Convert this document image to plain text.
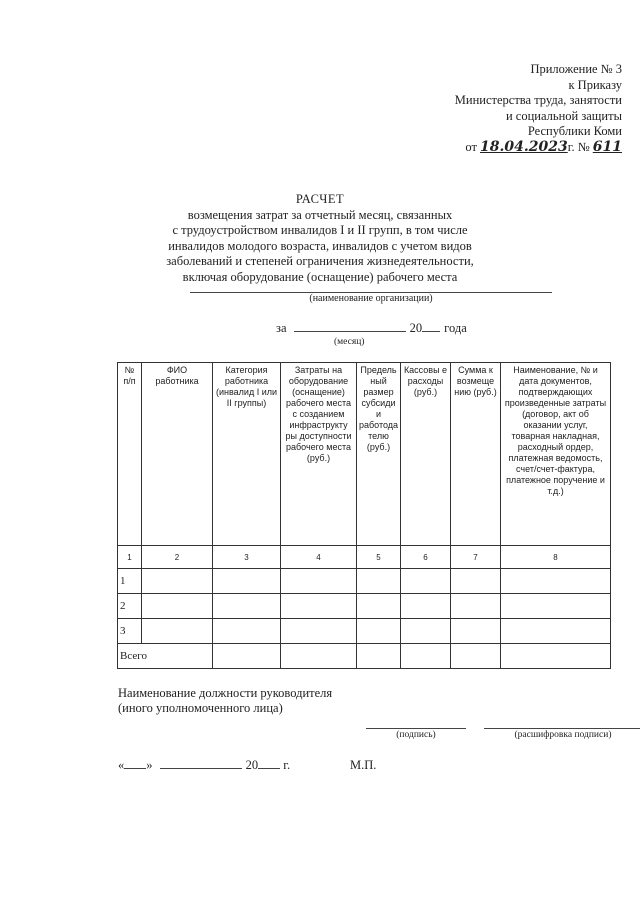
Приложение № 3
к Приказу
Министерства труда, занятости
и социальной защиты
Республики Коми
от 18.04.2023г. № 611
РАСЧЕТ
возмещения затрат за отчетный месяц, связанных
с трудоустройством инвалидов I и II групп, в том числе
инвалидов молодого возраста, инвалидов с учетом видов
заболеваний и степеней ограничения жизнедеятельности,
включая оборудование (оснащение) рабочего места
(наименование организации)
за	20 года
(месяц)
№ п/п	ФИО работника	Категория работника (инвалид I или II группы)	Затраты на оборудование (оснащение) рабочего места с созданием инфраструкту ры доступности рабочего места (руб.)	Предель ный размер субсиди и работода телю (руб.)	Кассовы е расходы (руб.)	Сумма к возмеще нию (руб.)	Наименование, № и дата документов, подтверждающих произведенные затраты (договор, акт об оказании услуг, товарная накладная, расходный ордер, платежная ведомость, счет/счет-фактура, платежное поручение и т.д.)
1	2	3	4	5	6	7	8
1							
2							
3							
Всего							
Наименование должности руководителя
(иного уполномоченного лица)
(подпись)	(расшифровка подписи)
« »	20 г.	М.П.
